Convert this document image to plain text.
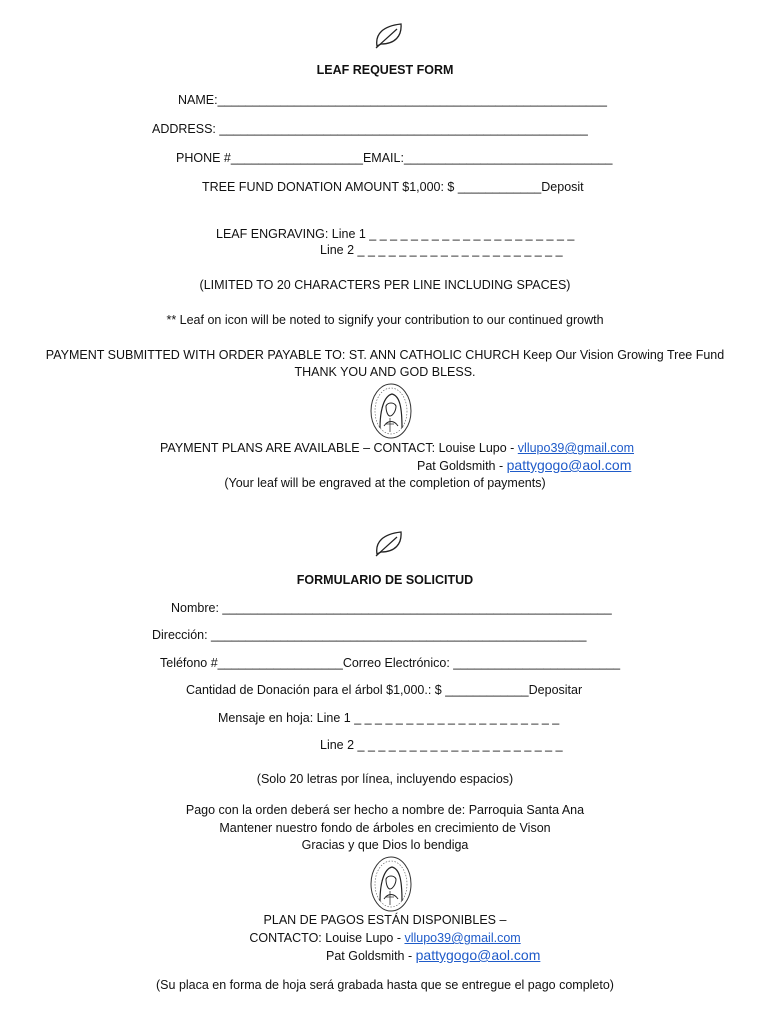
LEAF REQUEST FORM
NAME:________________________________________________________
ADDRESS: _____________________________________________________
PHONE #___________________EMAIL:______________________________
TREE FUND DONATION AMOUNT $1,000: $ ____________Deposit
LEAF ENGRAVING: Line 1 _ _ _ _ _ _ _ _ _ _ _ _ _ _ _ _ _ _ _ _
Line 2 _ _ _ _ _ _ _ _ _ _ _ _ _ _ _ _ _ _ _ _
(LIMITED TO 20 CHARACTERS PER LINE INCLUDING SPACES)
** Leaf on icon will be noted to signify your contribution to our continued growth
PAYMENT SUBMITTED WITH ORDER PAYABLE TO: ST. ANN CATHOLIC CHURCH Keep Our Vision Growing Tree Fund
THANK YOU AND GOD BLESS.
PAYMENT PLANS ARE AVAILABLE – CONTACT: Louise Lupo - vllupo39@gmail.com
Pat Goldsmith - pattygogo@aol.com
(Your leaf will be engraved at the completion of payments)
FORMULARIO DE SOLICITUD
Nombre: ________________________________________________________
Dirección: ______________________________________________________
Teléfono #__________________Correo Electrónico: ________________________
Cantidad de Donación para el árbol $1,000.: $ ____________Depositar
Mensaje en hoja: Line 1 _ _ _ _ _ _ _ _ _ _ _ _ _ _ _ _ _ _ _ _
Line 2 _ _ _ _ _ _ _ _ _ _ _ _ _ _ _ _ _ _ _ _
(Solo 20 letras por línea, incluyendo espacios)
Pago con la orden deberá ser hecho a nombre de: Parroquia Santa Ana
Mantener nuestro fondo de árboles en crecimiento de Vison
Gracias y que Dios lo bendiga
PLAN DE PAGOS ESTÁN DISPONIBLES –
CONTACTO: Louise Lupo - vllupo39@gmail.com
Pat Goldsmith - pattygogo@aol.com
(Su placa en forma de hoja será grabada hasta que se entregue el pago completo)
